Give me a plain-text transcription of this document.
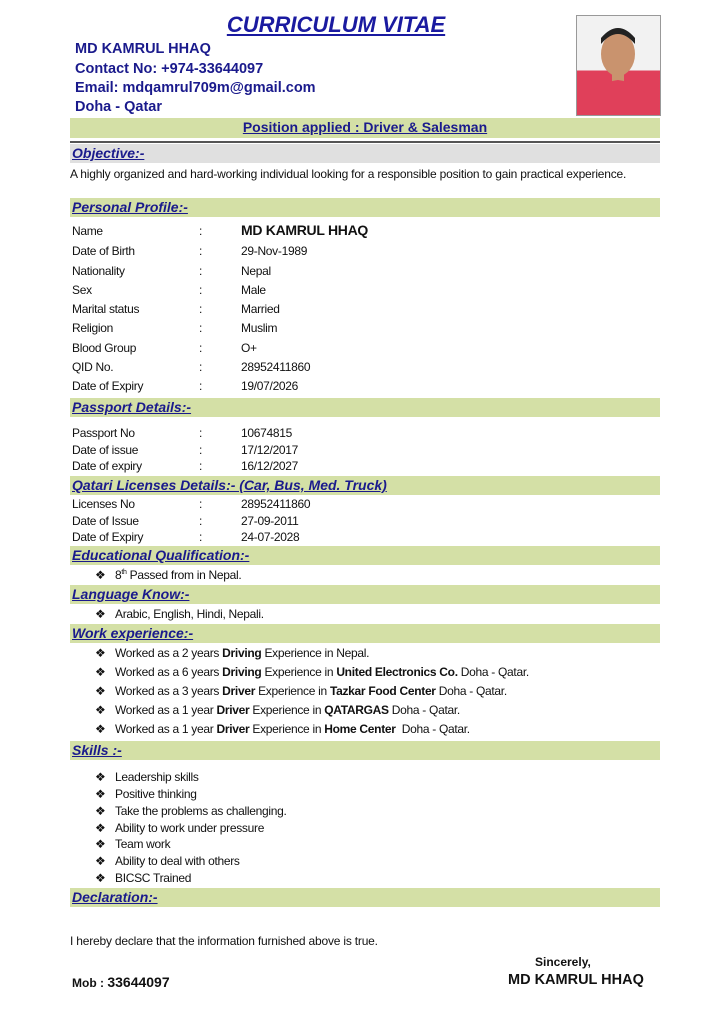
CURRICULUM VITAE
MD KAMRUL HHAQ
Contact No: +974-33644097
Email: mdqamrul709m@gmail.com
Doha - Qatar
Position applied : Driver & Salesman
Objective:-
A highly organized and hard-working individual looking for a responsible position to gain practical experience.
Personal Profile:-
Name	:	MD KAMRUL HHAQ
Date of Birth	:	29-Nov-1989
Nationality	:	Nepal
Sex	:	Male
Marital status	:	Married
Religion	:	Muslim
Blood Group	:	O+
QID No.	:	28952411860
Date of Expiry	:	19/07/2026
Passport Details:-
Passport No	:	10674815
Date of issue	:	17/12/2017
Date of expiry	:	16/12/2027
Qatari Licenses Details:- (Car, Bus, Med. Truck)
Licenses No	:	28952411860
Date of Issue	:	27-09-2011
Date of Expiry	:	24-07-2028
Educational Qualification:-
Language Know:-
Work experience:-
Skills :-
Declaration:-
❖ 8th Passed from in Nepal.
❖ Arabic, English, Hindi, Nepali.
❖ Worked as a 2 years Driving Experience in Nepal.
❖ Worked as a 6 years Driving Experience in United Electronics Co. Doha - Qatar.
❖ Worked as a 3 years Driver Experience in Tazkar Food Center Doha - Qatar.
❖ Worked as a 1 year Driver Experience in QATARGAS Doha - Qatar.
❖ Worked as a 1 year Driver Experience in Home Center  Doha - Qatar.
❖ Leadership skills
❖ Positive thinking
❖ Take the problems as challenging.
❖ Ability to work under pressure
❖ Team work
❖ Ability to deal with others
❖ BICSC Trained
I hereby declare that the information furnished above is true.
Sincerely,
Mob : 33644097	MD KAMRUL HHAQ
